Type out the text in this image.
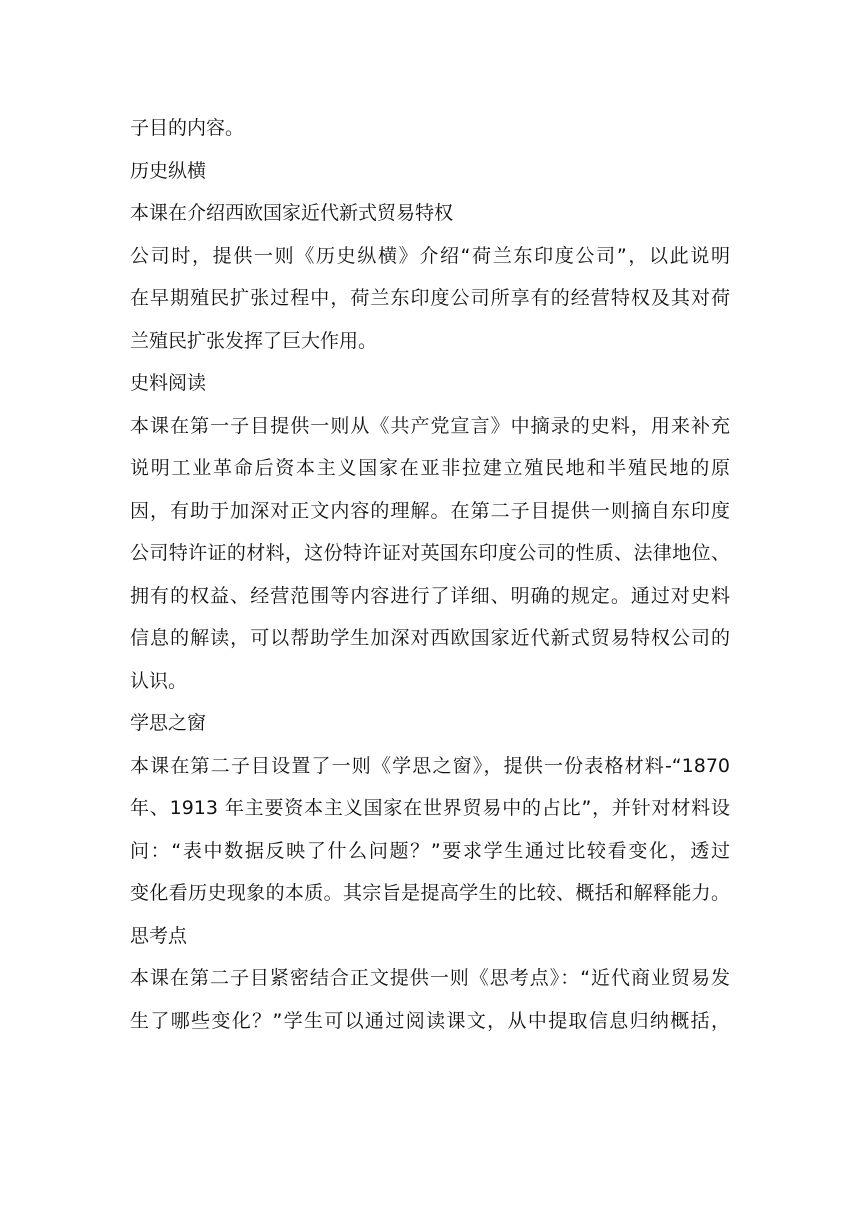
子目的内容。
历史纵横
本课在介绍西欧国家近代新式贸易特权
公司时，提供一则《历史纵横》介绍“荷兰东印度公司”，以此说明
在早期殖民扩张过程中，荷兰东印度公司所享有的经营特权及其对荷
兰殖民扩张发挥了巨大作用。
史料阅读
本课在第一子目提供一则从《共产党宣言》中摘录的史料，用来补充
说明工业革命后资本主义国家在亚非拉建立殖民地和半殖民地的原
因，有助于加深对正文内容的理解。在第二子目提供一则摘自东印度
公司特许证的材料，这份特许证对英国东印度公司的性质、法律地位、
拥有的权益、经营范围等内容进行了详细、明确的规定。通过对史料
信息的解读，可以帮助学生加深对西欧国家近代新式贸易特权公司的
认识。
学思之窗
本课在第二子目设置了一则《学思之窗》，提供一份表格材料-“1870
年、1913 年主要资本主义国家在世界贸易中的占比”，并针对材料设
问：“表中数据反映了什么问题？”要求学生通过比较看变化，透过
变化看历史现象的本质。其宗旨是提高学生的比较、概括和解释能力。
思考点
本课在第二子目紧密结合正文提供一则《思考点》：“近代商业贸易发
生了哪些变化？”学生可以通过阅读课文，从中提取信息归纳概括，
